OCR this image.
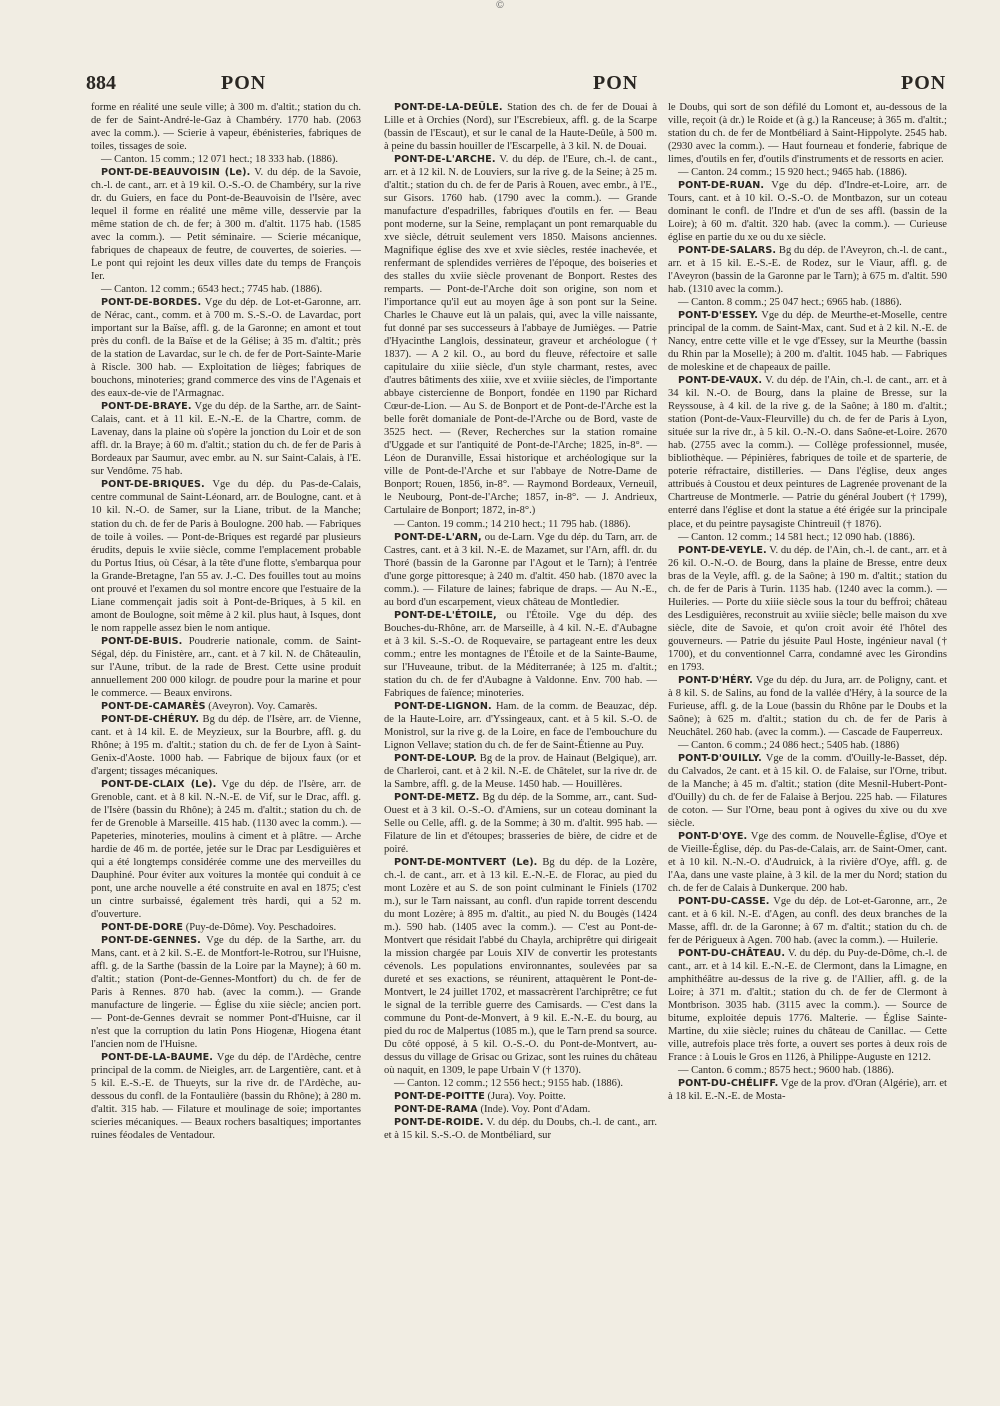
©
884	PON	PON	PON

forme en réalité une seule ville; à 300 m. d'altit.; station du ch. de fer de Saint-André-le-Gaz à Chambéry. 1770 hab. (2063 avec la comm.). — Scierie à vapeur, ébénisteries, fabriques de toiles, tissages de soie.

— Canton. 15 comm.; 12 071 hect.; 18 333 hab. (1886).

PONT-DE-BEAUVOISIN (Le). V. du dép. de la Savoie, ch.-l. de cant., arr. et à 19 kil. O.-S.-O. de Chambéry, sur la rive dr. du Guiers, en face du Pont-de-Beauvoisin de l'Isère, avec lequel il forme en réalité une même ville, desservie par la même station de ch. de fer; à 300 m. d'altit. 1175 hab. (1585 avec la comm.). — Petit séminaire. — Scierie mécanique, fabriques de chapeaux de feutre, de couvertes, de soieries. — Le pont qui rejoint les deux villes date du temps de François Ier.

— Canton. 12 comm.; 6543 hect.; 7745 hab. (1886).

PONT-DE-BORDES. Vge du dép. de Lot-et-Garonne, arr. de Nérac, cant., comm. et à 700 m. S.-S.-O. de Lavardac, port important sur la Baïse, affl. g. de la Garonne; en amont et tout près du confl. de la Baïse et de la Gélise; à 35 m. d'altit.; près de la station de Lavardac, sur le ch. de fer de Port-Sainte-Marie à Riscle. 300 hab. — Exploitation de lièges; fabriques de bouchons, minoteries; grand commerce des vins de l'Agenais et des eaux-de-vie de l'Armagnac.

PONT-DE-BRAYE. Vge du dép. de la Sarthe, arr. de Saint-Calais, cant. et à 11 kil. E.-N.-E. de la Chartre, comm. de Lavenay, dans la plaine où s'opère la jonction du Loir et de son affl. dr. la Braye; à 60 m. d'altit.; station du ch. de fer de Paris à Bordeaux par Saumur, avec embr. au N. sur Saint-Calais, à l'E. sur Vendôme. 75 hab.

PONT-DE-BRIQUES. Vge du dép. du Pas-de-Calais, centre communal de Saint-Léonard, arr. de Boulogne, cant. et à 10 kil. N.-O. de Samer, sur la Liane, tribut. de la Manche; station du ch. de fer de Paris à Boulogne. 200 hab. — Fabriques de toile à voiles. — Pont-de-Briques est regardé par plusieurs érudits, depuis le xviie siècle, comme l'emplacement probable du Portus Itius, où César, à la tête d'une flotte, s'embarqua pour la Grande-Bretagne, l'an 55 av. J.-C. Des fouilles tout au moins ont prouvé et l'examen du sol montre encore que l'estuaire de la Liane commençait jadis soit à Pont-de-Briques, à 5 kil. en amont de Boulogne, soit même à 2 kil. plus haut, à Isques, dont le nom rappelle assez bien le nom antique.

PONT-DE-BUIS. Poudrerie nationale, comm. de Saint-Ségal, dép. du Finistère, arr., cant. et à 7 kil. N. de Châteaulin, sur l'Aune, tribut. de la rade de Brest. Cette usine produit annuellement 200 000 kilogr. de poudre pour la marine et pour le commerce. — Beaux environs.

PONT-DE-CAMARÈS (Aveyron). Voy. Camarès.

PONT-DE-CHÉRUY. Bg du dép. de l'Isère, arr. de Vienne, cant. et à 14 kil. E. de Meyzieux, sur la Bourbre, affl. g. du Rhône; à 195 m. d'altit.; station du ch. de fer de Lyon à Saint-Genix-d'Aoste. 1000 hab. — Fabrique de bijoux faux (or et d'argent; tissages mécaniques.

PONT-DE-CLAIX (Le). Vge du dép. de l'Isère, arr. de Grenoble, cant. et à 8 kil. N.-N.-E. de Vif, sur le Drac, affl. g. de l'Isère (bassin du Rhône); à 245 m. d'altit.; station du ch. de fer de Grenoble à Marseille. 415 hab. (1130 avec la comm.). — Papeteries, minoteries, moulins à ciment et à plâtre. — Arche hardie de 46 m. de portée, jetée sur le Drac par Lesdiguières et qui a été longtemps considérée comme une des merveilles du Dauphiné. Pour éviter aux voitures la montée qui conduit à ce pont, une arche nouvelle a été construite en aval en 1875; c'est un cintre surbaissé, également très hardi, qui a 52 m. d'ouverture.

PONT-DE-DORE (Puy-de-Dôme). Voy. Peschadoires.

PONT-DE-GENNES. Vge du dép. de la Sarthe, arr. du Mans, cant. et à 2 kil. S.-E. de Montfort-le-Rotrou, sur l'Huisne, affl. g. de la Sarthe (bassin de la Loire par la Mayne); à 60 m. d'altit.; station (Pont-de-Gennes-Montfort) du ch. de fer de Paris à Rennes. 870 hab. (avec la comm.). — Grande manufacture de lingerie. — Église du xiie siècle; ancien port. — Pont-de-Gennes devrait se nommer Pont-d'Huisne, car il n'est que la corruption du latin Pons Hiogenæ, Hiogena étant l'ancien nom de l'Huisne.

PONT-DE-LA-BAUME. Vge du dép. de l'Ardèche, centre principal de la comm. de Nieigles, arr. de Largentière, cant. et à 5 kil. E.-S.-E. de Thueyts, sur la rive dr. de l'Ardèche, au-dessous du confl. de la Fontaulière (bassin du Rhône); à 280 m. d'altit. 315 hab. — Filature et moulinage de soie; importantes scieries mécaniques. — Beaux rochers basaltiques; importantes ruines féodales de Ventadour.

PONT-DE-LA-DEÛLE. Station des ch. de fer de Douai à Lille et à Orchies (Nord), sur l'Escrebieux, affl. g. de la Scarpe (bassin de l'Escaut), et sur le canal de la Haute-Deûle, à 500 m. à peine du bassin houiller de l'Escarpelle, à 3 kil. N. de Douai.

PONT-DE-L'ARCHE. V. du dép. de l'Eure, ch.-l. de cant., arr. et à 12 kil. N. de Louviers, sur la rive g. de la Seine; à 25 m. d'altit.; station du ch. de fer de Paris à Rouen, avec embr., à l'E., sur Gisors. 1760 hab. (1790 avec la comm.). — Grande manufacture d'espadrilles, fabriques d'outils en fer. — Beau pont moderne, sur la Seine, remplaçant un pont remarquable du xve siècle, détruit seulement vers 1850. Maisons anciennes. Magnifique église des xve et xvie siècles, restée inachevée, et renfermant de splendides verrières de l'époque, des boiseries et des stalles du xviie siècle provenant de Bonport. Restes des remparts. — Pont-de-l'Arche doit son origine, son nom et l'importance qu'il eut au moyen âge à son pont sur la Seine. Charles le Chauve eut là un palais, qui, avec la ville naissante, fut donné par ses successeurs à l'abbaye de Jumièges. — Patrie d'Hyacinthe Langlois, dessinateur, graveur et archéologue († 1837). — A 2 kil. O., au bord du fleuve, réfectoire et salle capitulaire du xiiie siècle, d'un style charmant, restes, avec d'autres bâtiments des xiiie, xve et xviiie siècles, de l'importante abbaye cistercienne de Bonport, fondée en 1190 par Richard Cœur-de-Lion. — Au S. de Bonport et de Pont-de-l'Arche est la belle forêt domaniale de Pont-de-l'Arche ou de Bord, vaste de 3525 hect. — (Rever, Recherches sur la station romaine d'Uggade et sur l'antiquité de Pont-de-l'Arche; 1825, in-8°. — Léon de Duranville, Essai historique et archéologique sur la ville de Pont-de-l'Arche et sur l'abbaye de Notre-Dame de Bonport; Rouen, 1856, in-8°. — Raymond Bordeaux, Verneuil, le Neubourg, Pont-de-l'Arche; 1857, in-8°. — J. Andrieux, Cartulaire de Bonport; 1872, in-8°.)

— Canton. 19 comm.; 14 210 hect.; 11 795 hab. (1886).

PONT-DE-L'ARN, ou de-Larn. Vge du dép. du Tarn, arr. de Castres, cant. et à 3 kil. N.-E. de Mazamet, sur l'Arn, affl. dr. du Thoré (bassin de la Garonne par l'Agout et le Tarn); à l'entrée d'une gorge pittoresque; à 240 m. d'altit. 450 hab. (1870 avec la comm.). — Filature de laines; fabrique de draps. — Au N.-E., au bord d'un escarpement, vieux château de Montledier.

PONT-DE-L'ÉTOILE, ou l'Étoile. Vge du dép. des Bouches-du-Rhône, arr. de Marseille, à 4 kil. N.-E. d'Aubagne et à 3 kil. S.-S.-O. de Roquevaire, se partageant entre les deux comm.; entre les montagnes de l'Étoile et de la Sainte-Baume, sur l'Huveaune, tribut. de la Méditerranée; à 125 m. d'altit.; station du ch. de fer d'Aubagne à Valdonne. Env. 700 hab. — Fabriques de faïence; minoteries.

PONT-DE-LIGNON. Ham. de la comm. de Beauzac, dép. de la Haute-Loire, arr. d'Yssingeaux, cant. et à 5 kil. S.-O. de Monistrol, sur la rive g. de la Loire, en face de l'embouchure du Lignon Vellave; station du ch. de fer de Saint-Étienne au Puy.

PONT-DE-LOUP. Bg de la prov. de Hainaut (Belgique), arr. de Charleroi, cant. et à 2 kil. N.-E. de Châtelet, sur la rive dr. de la Sambre, affl. g. de la Meuse. 1450 hab. — Houillères.

PONT-DE-METZ. Bg du dép. de la Somme, arr., cant. Sud-Ouest et à 3 kil. O.-S.-O. d'Amiens, sur un coteau dominant la Selle ou Celle, affl. g. de la Somme; à 30 m. d'altit. 995 hab. — Filature de lin et d'étoupes; brasseries de bière, de cidre et de poiré.

PONT-DE-MONTVERT (Le). Bg du dép. de la Lozère, ch.-l. de cant., arr. et à 13 kil. E.-N.-E. de Florac, au pied du mont Lozère et au S. de son point culminant le Finiels (1702 m.), sur le Tarn naissant, au confl. d'un rapide torrent descendu du mont Lozère; à 895 m. d'altit., au pied N. du Bougès (1424 m.). 590 hab. (1405 avec la comm.). — C'est au Pont-de-Montvert que résidait l'abbé du Chayla, archiprêtre qui dirigeait la mission chargée par Louis XIV de convertir les protestants cévenols. Les populations environnantes, soulevées par sa dureté et ses exactions, se réunirent, attaquèrent le Pont-de-Montvert, le 24 juillet 1702, et massacrèrent l'archiprêtre; ce fut le signal de la terrible guerre des Camisards. — C'est dans la commune du Pont-de-Monvert, à 9 kil. E.-N.-E. du bourg, au pied du roc de Malpertus (1085 m.), que le Tarn prend sa source. Du côté opposé, à 5 kil. O.-S.-O. du Pont-de-Montvert, au-dessus du village de Grisac ou Grizac, sont les ruines du château où naquit, en 1309, le pape Urbain V († 1370).

— Canton. 12 comm.; 12 556 hect.; 9155 hab. (1886).

PONT-DE-POITTE (Jura). Voy. Poitte.

PONT-DE-RAMA (Inde). Voy. Pont d'Adam.

PONT-DE-ROIDE. V. du dép. du Doubs, ch.-l. de cant., arr. et à 15 kil. S.-S.-O. de Montbéliard, sur

le Doubs, qui sort de son défilé du Lomont et, au-dessous de la ville, reçoit (à dr.) le Roide et (à g.) la Ranceuse; à 365 m. d'altit.; station du ch. de fer de Montbéliard à Saint-Hippolyte. 2545 hab. (2930 avec la comm.). — Haut fourneau et fonderie, fabrique de limes, d'outils en fer, d'outils d'instruments et de ressorts en acier.

— Canton. 24 comm.; 15 920 hect.; 9465 hab. (1886).

PONT-DE-RUAN. Vge du dép. d'Indre-et-Loire, arr. de Tours, cant. et à 10 kil. O.-S.-O. de Montbazon, sur un coteau dominant le confl. de l'Indre et d'un de ses affl. (bassin de la Loire); à 60 m. d'altit. 320 hab. (avec la comm.). — Curieuse église en partie du xe ou du xe siècle.

PONT-DE-SALARS. Bg du dép. de l'Aveyron, ch.-l. de cant., arr. et à 15 kil. E.-S.-E. de Rodez, sur le Viaur, affl. g. de l'Aveyron (bassin de la Garonne par le Tarn); à 675 m. d'altit. 590 hab. (1310 avec la comm.).

— Canton. 8 comm.; 25 047 hect.; 6965 hab. (1886).

PONT-D'ESSEY. Vge du dép. de Meurthe-et-Moselle, centre principal de la comm. de Saint-Max, cant. Sud et à 2 kil. N.-E. de Nancy, entre cette ville et le vge d'Essey, sur la Meurthe (bassin du Rhin par la Moselle); à 200 m. d'altit. 1045 hab. — Fabriques de moleskine et de chapeaux de paille.

PONT-DE-VAUX. V. du dép. de l'Ain, ch.-l. de cant., arr. et à 34 kil. N.-O. de Bourg, dans la plaine de Bresse, sur la Reyssouse, à 4 kil. de la rive g. de la Saône; à 180 m. d'altit.; station (Pont-de-Vaux-Fleurville) du ch. de fer de Paris à Lyon, située sur la rive dr., à 5 kil. O.-N.-O. dans Saône-et-Loire. 2670 hab. (2755 avec la comm.). — Collège professionnel, musée, bibliothèque. — Pépinières, fabriques de toile et de sparterie, de poterie réfractaire, distilleries. — Dans l'église, deux anges attribués à Coustou et deux peintures de Lagrenée provenant de la Chartreuse de Montmerle. — Patrie du général Joubert († 1799), enterré dans l'église et dont la statue a été érigée sur la principale place, et du peintre paysagiste Chintreuil († 1876).

— Canton. 12 comm.; 14 581 hect.; 12 090 hab. (1886).

PONT-DE-VEYLE. V. du dép. de l'Ain, ch.-l. de cant., arr. et à 26 kil. O.-N.-O. de Bourg, dans la plaine de Bresse, entre deux bras de la Veyle, affl. g. de la Saône; à 190 m. d'altit.; station du ch. de fer de Paris à Turin. 1135 hab. (1240 avec la comm.). — Huileries. — Porte du xiiie siècle sous la tour du beffroi; château des Lesdiguières, reconstruit au xviiie siècle; belle maison du xve siècle, dite de Savoie, et qu'on croit avoir été l'hôtel des gouverneurs. — Patrie du jésuite Paul Hoste, ingénieur naval († 1700), et du conventionnel Carra, condamné avec les Girondins en 1793.

PONT-D'HÉRY. Vge du dép. du Jura, arr. de Poligny, cant. et à 8 kil. S. de Salins, au fond de la vallée d'Héry, à la source de la Furieuse, affl. g. de la Loue (bassin du Rhône par le Doubs et la Saône); à 625 m. d'altit.; station du ch. de fer de Paris à Neuchâtel. 260 hab. (avec la comm.). — Cascade de Fauperreux.

— Canton. 6 comm.; 24 086 hect.; 5405 hab. (1886)

PONT-D'OUILLY. Vge de la comm. d'Ouilly-le-Basset, dép. du Calvados, 2e cant. et à 15 kil. O. de Falaise, sur l'Orne, tribut. de la Manche; à 45 m. d'altit.; station (dite Mesnil-Hubert-Pont-d'Ouilly) du ch. de fer de Falaise à Berjou. 225 hab. — Filatures de coton. — Sur l'Orne, beau pont à ogives du xive ou du xve siècle.

PONT-D'OYE. Vge des comm. de Nouvelle-Église, d'Oye et de Vieille-Église, dép. du Pas-de-Calais, arr. de Saint-Omer, cant. et à 10 kil. N.-N.-O. d'Audruick, à la rivière d'Oye, affl. g. de l'Aa, dans une vaste plaine, à 3 kil. de la mer du Nord; station du ch. de fer de Calais à Dunkerque. 200 hab.

PONT-DU-CASSE. Vge du dép. de Lot-et-Garonne, arr., 2e cant. et à 6 kil. N.-E. d'Agen, au confl. des deux branches de la Masse, affl. dr. de la Garonne; à 67 m. d'altit.; station du ch. de fer de Périgueux à Agen. 700 hab. (avec la comm.). — Huilerie.

PONT-DU-CHÂTEAU. V. du dép. du Puy-de-Dôme, ch.-l. de cant., arr. et à 14 kil. E.-N.-E. de Clermont, dans la Limagne, en amphithéâtre au-dessus de la rive g. de l'Allier, affl. g. de la Loire; à 371 m. d'altit.; station du ch. de fer de Clermont à Montbrison. 3035 hab. (3115 avec la comm.). — Source de bitume, exploitée depuis 1776. Malterie. — Église Sainte-Martine, du xiie siècle; ruines du château de Canillac. — Cette ville, autrefois place très forte, a ouvert ses portes à deux rois de France : à Louis le Gros en 1126, à Philippe-Auguste en 1212.

— Canton. 6 comm.; 8575 hect.; 9600 hab. (1886).

PONT-DU-CHÉLIFF. Vge de la prov. d'Oran (Algérie), arr. et à 18 kil. E.-N.-E. de Mosta-
